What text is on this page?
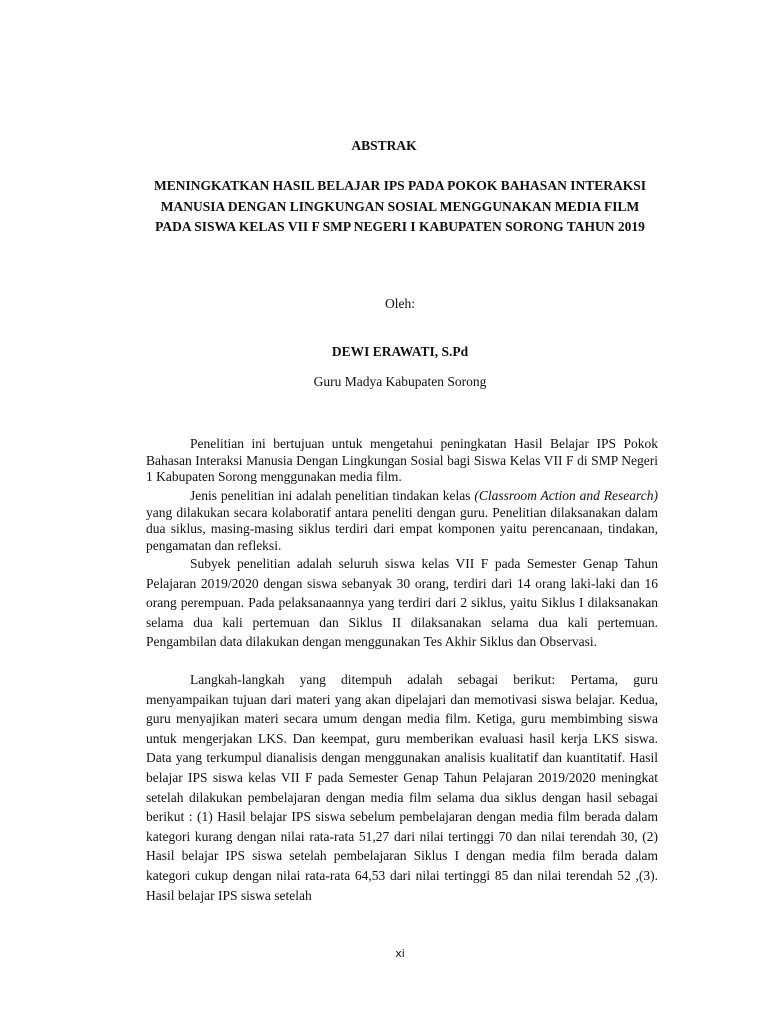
ABSTRAK
MENINGKATKAN HASIL BELAJAR IPS PADA POKOK BAHASAN INTERAKSI MANUSIA DENGAN LINGKUNGAN SOSIAL MENGGUNAKAN MEDIA FILM PADA SISWA KELAS VII F SMP NEGERI I KABUPATEN SORONG TAHUN 2019
Oleh:
DEWI ERAWATI, S.Pd
Guru Madya Kabupaten Sorong
Penelitian ini bertujuan untuk mengetahui peningkatan Hasil Belajar IPS Pokok Bahasan Interaksi Manusia Dengan Lingkungan Sosial bagi Siswa Kelas VII F di SMP Negeri 1 Kabupaten Sorong menggunakan media film.
Jenis penelitian ini adalah penelitian tindakan kelas (Classroom Action and Research) yang dilakukan secara kolaboratif antara peneliti dengan guru. Penelitian dilaksanakan dalam dua siklus, masing-masing siklus terdiri dari empat komponen yaitu perencanaan, tindakan, pengamatan dan refleksi.
Subyek penelitian adalah seluruh siswa kelas VII F pada Semester Genap Tahun Pelajaran 2019/2020 dengan siswa sebanyak 30 orang, terdiri dari 14 orang laki-laki dan 16 orang perempuan. Pada pelaksanaannya yang terdiri dari 2 siklus, yaitu Siklus I dilaksanakan selama dua kali pertemuan dan Siklus II dilaksanakan selama dua kali pertemuan. Pengambilan data dilakukan dengan menggunakan Tes Akhir Siklus dan Observasi.
Langkah-langkah yang ditempuh adalah sebagai berikut: Pertama, guru menyampaikan tujuan dari materi yang akan dipelajari dan memotivasi siswa belajar. Kedua, guru menyajikan materi secara umum dengan media film. Ketiga, guru membimbing siswa untuk mengerjakan LKS. Dan keempat, guru memberikan evaluasi hasil kerja LKS siswa. Data yang terkumpul dianalisis dengan menggunakan analisis kualitatif dan kuantitatif. Hasil belajar IPS siswa kelas VII F pada Semester Genap Tahun Pelajaran 2019/2020 meningkat setelah dilakukan pembelajaran dengan media film selama dua siklus dengan hasil sebagai berikut : (1) Hasil belajar IPS siswa sebelum pembelajaran dengan media film berada dalam kategori kurang dengan nilai rata-rata 51,27 dari nilai tertinggi 70 dan nilai terendah 30, (2) Hasil belajar IPS siswa setelah pembelajaran Siklus I dengan media film berada dalam kategori cukup dengan nilai rata-rata 64,53 dari nilai tertinggi 85 dan nilai terendah 52 ,(3). Hasil belajar IPS siswa setelah
xi
